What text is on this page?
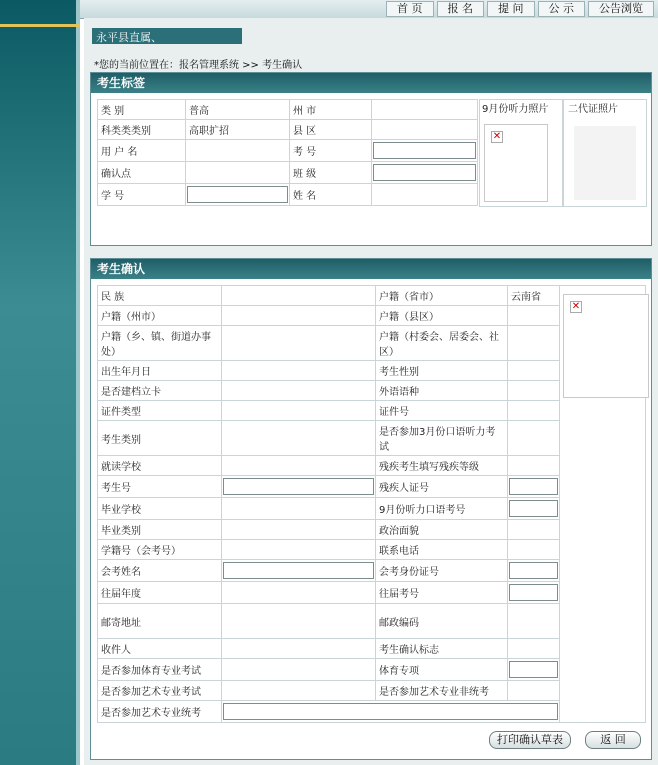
首 页	报 名	提 问	公 示	公告浏览
永平县直属、
*您的当前位置在：报名管理系统 >> 考生确认
考生标签
类 别	普高	州 市	
科类类类别	高职扩招	县 区	
用 户 名		考 号	

确认点		班 级	

学 号		姓 名	
9月份听力照片
✕
二代证照片
考生确认
民 族		户籍（省市）	云南省
户籍（州市）		户籍（县区）	
户籍（乡、镇、街道办事处）		户籍（村委会、居委会、社区）	
出生年月日		考生性别	
是否建档立卡		外语语种	
证件类型		证件号	
考生类别		是否参加3月份口语听力考试	
就读学校		残疾考生填写残疾等级	
考生号		残疾人证号	

毕业学校		9月份听力口语考号	

毕业类别		政治面貌	
学籍号（会考号）		联系电话	
会考姓名		会考身份证号	

往届年度		往届考号	

邮寄地址		邮政编码	
收件人		考生确认标志	
是否参加体育专业考试		体育专项	

是否参加艺术专业考试		是否参加艺术专业非统考	
是否参加艺术专业统考			
✕
打印确认草表	返 回
